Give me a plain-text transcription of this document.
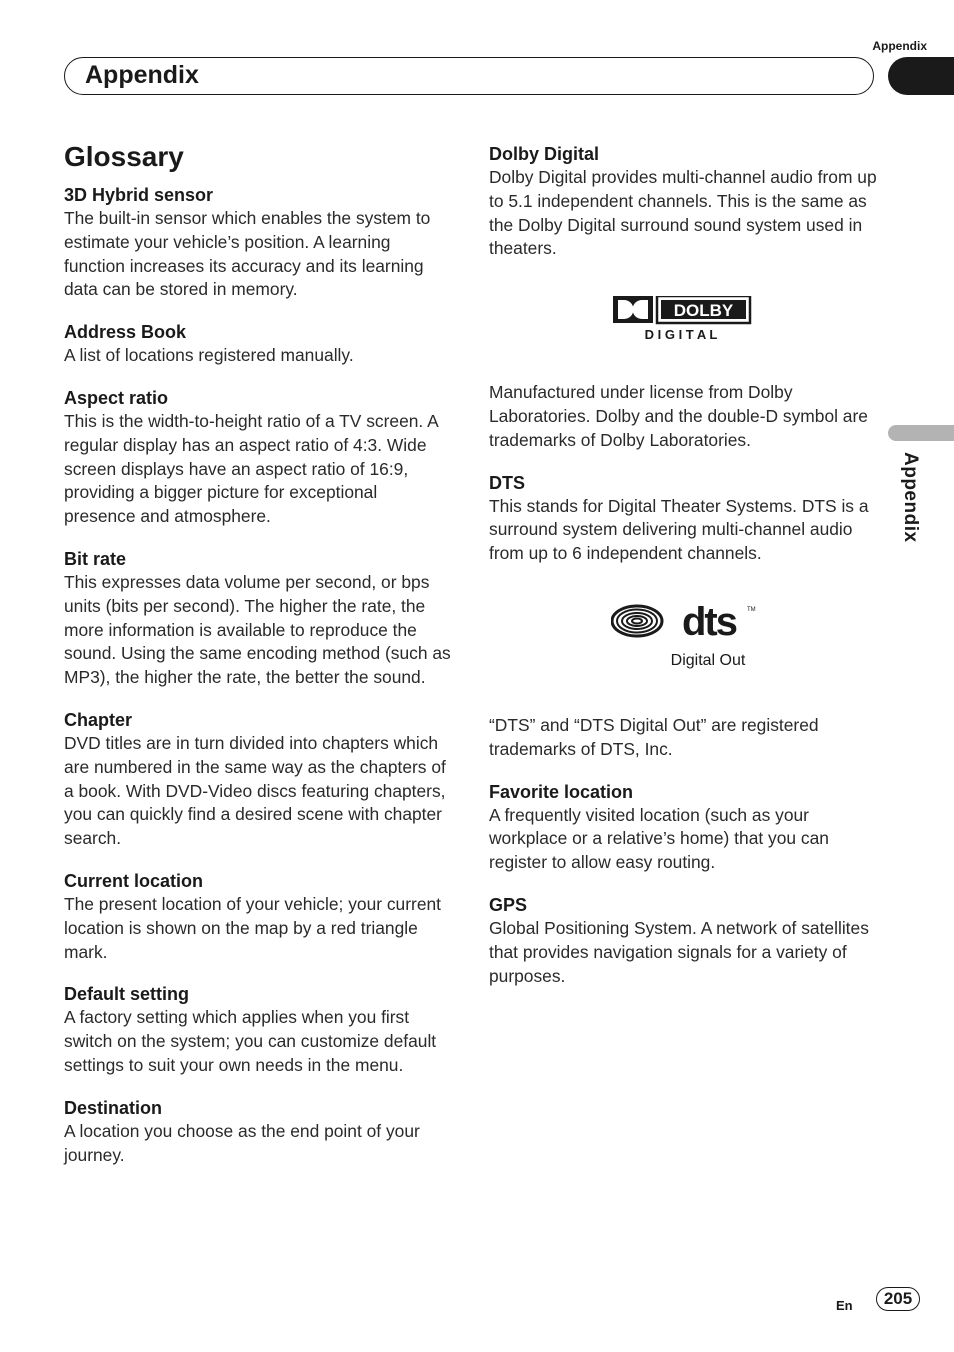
Appendix
Appendix
Appendix
Glossary

3D Hybrid sensor

The built-in sensor which enables the system to estimate your vehicle’s position. A learning function increases its accuracy and its learning data can be stored in memory.

Address Book

A list of locations registered manually.

Aspect ratio

This is the width-to-height ratio of a TV screen. A regular display has an aspect ratio of 4:3. Wide screen displays have an aspect ratio of 16:9, providing a bigger picture for exceptional presence and atmosphere.

Bit rate

This expresses data volume per second, or bps units (bits per second). The higher the rate, the more information is available to reproduce the sound. Using the same encoding method (such as MP3), the higher the rate, the better the sound.

Chapter

DVD titles are in turn divided into chapters which are numbered in the same way as the chapters of a book. With DVD-Video discs featuring chapters, you can quickly find a desired scene with chapter search.

Current location

The present location of your vehicle; your current location is shown on the map by a red triangle mark.

Default setting

A factory setting which applies when you first switch on the system; you can customize default settings to suit your own needs in the menu.

Destination

A location you choose as the end point of your journey.

Dolby Digital

Dolby Digital provides multi-channel audio from up to 5.1 independent channels. This is the same as the Dolby Digital surround sound system used in theaters.

DOLBY
D I G I T A L

Manufactured under license from Dolby Laboratories. Dolby and the double-D symbol are trademarks of Dolby Laboratories.

DTS

This stands for Digital Theater Systems. DTS is a surround system delivering multi-channel audio from up to 6 independent channels.

dts TM
Digital Out

“DTS” and “DTS Digital Out” are registered trademarks of DTS, Inc.

Favorite location

A frequently visited location (such as your workplace or a relative’s home) that you can register to allow easy routing.

GPS

Global Positioning System. A network of satellites that provides navigation signals for a variety of purposes.

En	205
